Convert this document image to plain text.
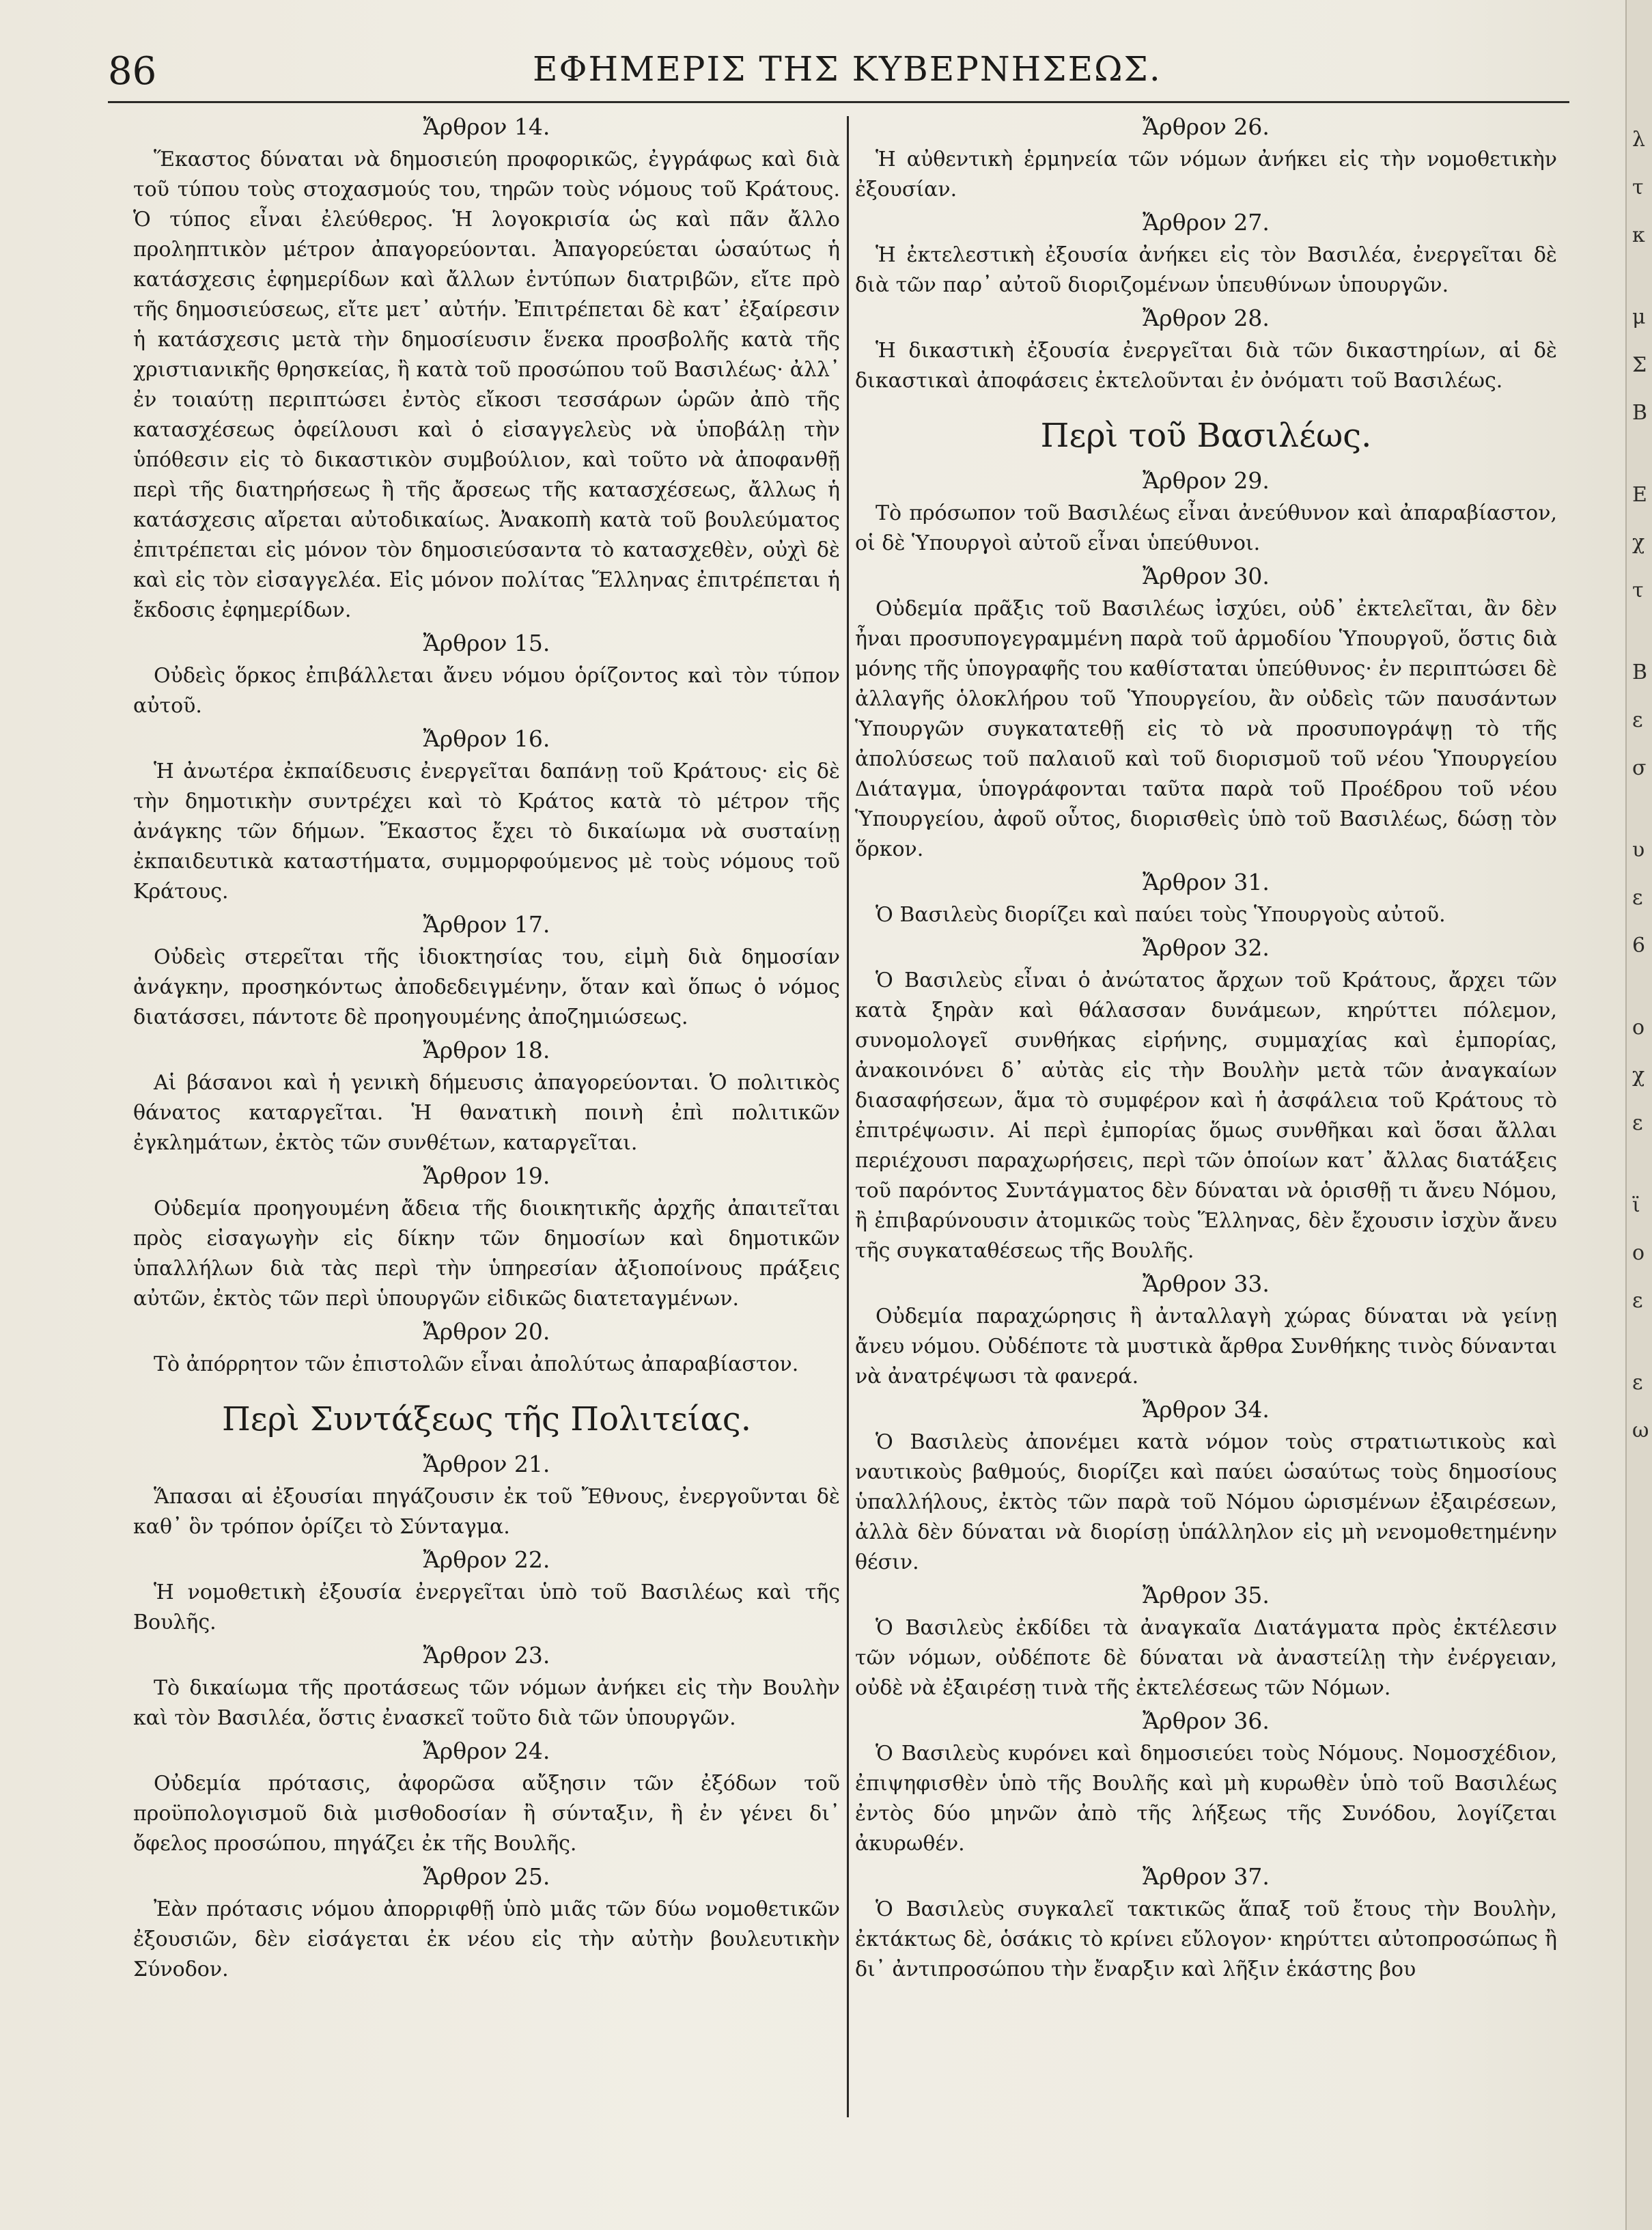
86	ΕΦΗΜΕΡΙΣ ΤΗΣ ΚΥΒΕΡΝΗΣΕΩΣ.
Ἄρθρον 14.
Ἕκαστος δύναται νὰ δημοσιεύη προφορικῶς, ἐγγράφως καὶ διὰ τοῦ τύπου τοὺς στοχασμούς του, τηρῶν τοὺς νόμους τοῦ Κράτους. Ὁ τύπος εἶναι ἐλεύθερος. Ἡ λογοκρισία ὡς καὶ πᾶν ἄλλο προληπτικὸν μέτρον ἀπαγορεύονται. Ἀπαγορεύεται ὡσαύτως ἡ κατάσχεσις ἐφημερίδων καὶ ἄλλων ἐντύπων διατριβῶν, εἴτε πρὸ τῆς δημοσιεύσεως, εἴτε μετ᾽ αὐτήν. Ἐπιτρέπεται δὲ κατ᾽ ἐξαίρεσιν ἡ κατάσχεσις μετὰ τὴν δημοσίευσιν ἕνεκα προσβολῆς κατὰ τῆς χριστιανικῆς θρησκείας, ἢ κατὰ τοῦ προσώπου τοῦ Βασιλέως· ἀλλ᾽ ἐν τοιαύτῃ περιπτώσει ἐντὸς εἴκοσι τεσσάρων ὡρῶν ἀπὸ τῆς κατασχέσεως ὀφείλουσι καὶ ὁ εἰσαγγελεὺς νὰ ὑποβάλῃ τὴν ὑπόθεσιν εἰς τὸ δικαστικὸν συμβούλιον, καὶ τοῦτο νὰ ἀποφανθῇ περὶ τῆς διατηρήσεως ἢ τῆς ἄρσεως τῆς κατασχέσεως, ἄλλως ἡ κατάσχεσις αἴρεται αὐτοδικαίως. Ἀνακοπὴ κατὰ τοῦ βουλεύματος ἐπιτρέπεται εἰς μόνον τὸν δημοσιεύσαντα τὸ κατασχεθὲν, οὐχὶ δὲ καὶ εἰς τὸν εἰσαγγελέα. Εἰς μόνον πολίτας Ἕλληνας ἐπιτρέπεται ἡ ἔκδοσις ἐφημερίδων.
Ἄρθρον 15.
Οὐδεὶς ὅρκος ἐπιβάλλεται ἄνευ νόμου ὁρίζοντος καὶ τὸν τύπον αὐτοῦ.
Ἄρθρον 16.
Ἡ ἀνωτέρα ἐκπαίδευσις ἐνεργεῖται δαπάνῃ τοῦ Κράτους· εἰς δὲ τὴν δημοτικὴν συντρέχει καὶ τὸ Κράτος κατὰ τὸ μέτρον τῆς ἀνάγκης τῶν δήμων. Ἕκαστος ἔχει τὸ δικαίωμα νὰ συσταίνῃ ἐκπαιδευτικὰ καταστήματα, συμμορφούμενος μὲ τοὺς νόμους τοῦ Κράτους.
Ἄρθρον 17.
Οὐδεὶς στερεῖται τῆς ἰδιοκτησίας του, εἰμὴ διὰ δημοσίαν ἀνάγκην, προσηκόντως ἀποδεδειγμένην, ὅταν καὶ ὅπως ὁ νόμος διατάσσει, πάντοτε δὲ προηγουμένης ἀποζημιώσεως.
Ἄρθρον 18.
Αἱ βάσανοι καὶ ἡ γενικὴ δήμευσις ἀπαγορεύονται. Ὁ πολιτικὸς θάνατος καταργεῖται. Ἡ θανατικὴ ποινὴ ἐπὶ πολιτικῶν ἐγκλημάτων, ἐκτὸς τῶν συνθέτων, καταργεῖται.
Ἄρθρον 19.
Οὐδεμία προηγουμένη ἄδεια τῆς διοικητικῆς ἀρχῆς ἀπαιτεῖται πρὸς εἰσαγωγὴν εἰς δίκην τῶν δημοσίων καὶ δημοτικῶν ὑπαλλήλων διὰ τὰς περὶ τὴν ὑπηρεσίαν ἀξιοποίνους πράξεις αὐτῶν, ἐκτὸς τῶν περὶ ὑπουργῶν εἰδικῶς διατεταγμένων.
Ἄρθρον 20.
Τὸ ἀπόρρητον τῶν ἐπιστολῶν εἶναι ἀπολύτως ἀπαραβίαστον.
Περὶ Συντάξεως τῆς Πολιτείας.
Ἄρθρον 21.
Ἅπασαι αἱ ἐξουσίαι πηγάζουσιν ἐκ τοῦ Ἔθνους, ἐνεργοῦνται δὲ καθ᾽ ὃν τρόπον ὁρίζει τὸ Σύνταγμα.
Ἄρθρον 22.
Ἡ νομοθετικὴ ἐξουσία ἐνεργεῖται ὑπὸ τοῦ Βασιλέως καὶ τῆς Βουλῆς.
Ἄρθρον 23.
Τὸ δικαίωμα τῆς προτάσεως τῶν νόμων ἀνήκει εἰς τὴν Βουλὴν καὶ τὸν Βασιλέα, ὅστις ἐνασκεῖ τοῦτο διὰ τῶν ὑπουργῶν.
Ἄρθρον 24.
Οὐδεμία πρότασις, ἀφορῶσα αὔξησιν τῶν ἐξόδων τοῦ προϋπολογισμοῦ διὰ μισθοδοσίαν ἢ σύνταξιν, ἢ ἐν γένει δι᾽ ὄφελος προσώπου, πηγάζει ἐκ τῆς Βουλῆς.
Ἄρθρον 25.
Ἐὰν πρότασις νόμου ἀπορριφθῇ ὑπὸ μιᾶς τῶν δύω νομοθετικῶν ἐξουσιῶν, δὲν εἰσάγεται ἐκ νέου εἰς τὴν αὐτὴν βουλευτικὴν Σύνοδον.
Ἄρθρον 26.
Ἡ αὐθεντικὴ ἑρμηνεία τῶν νόμων ἀνήκει εἰς τὴν νομοθετικὴν ἐξουσίαν.
Ἄρθρον 27.
Ἡ ἐκτελεστικὴ ἐξουσία ἀνήκει εἰς τὸν Βασιλέα, ἐνεργεῖται δὲ διὰ τῶν παρ᾽ αὐτοῦ διοριζομένων ὑπευθύνων ὑπουργῶν.
Ἄρθρον 28.
Ἡ δικαστικὴ ἐξουσία ἐνεργεῖται διὰ τῶν δικαστηρίων, αἱ δὲ δικαστικαὶ ἀποφάσεις ἐκτελοῦνται ἐν ὀνόματι τοῦ Βασιλέως.
Περὶ τοῦ Βασιλέως.
Ἄρθρον 29.
Τὸ πρόσωπον τοῦ Βασιλέως εἶναι ἀνεύθυνον καὶ ἀπαραβίαστον, οἱ δὲ Ὑπουργοὶ αὐτοῦ εἶναι ὑπεύθυνοι.
Ἄρθρον 30.
Οὐδεμία πρᾶξις τοῦ Βασιλέως ἰσχύει, οὐδ᾽ ἐκτελεῖται, ἂν δὲν ἦναι προσυπογεγραμμένη παρὰ τοῦ ἁρμοδίου Ὑπουργοῦ, ὅστις διὰ μόνης τῆς ὑπογραφῆς του καθίσταται ὑπεύθυνος· ἐν περιπτώσει δὲ ἀλλαγῆς ὁλοκλήρου τοῦ Ὑπουργείου, ἂν οὐδεὶς τῶν παυσάντων Ὑπουργῶν συγκατατεθῇ εἰς τὸ νὰ προσυπογράψῃ τὸ τῆς ἀπολύσεως τοῦ παλαιοῦ καὶ τοῦ διορισμοῦ τοῦ νέου Ὑπουργείου Διάταγμα, ὑπογράφονται ταῦτα παρὰ τοῦ Προέδρου τοῦ νέου Ὑπουργείου, ἀφοῦ οὗτος, διορισθεὶς ὑπὸ τοῦ Βασιλέως, δώσῃ τὸν ὅρκον.
Ἄρθρον 31.
Ὁ Βασιλεὺς διορίζει καὶ παύει τοὺς Ὑπουργοὺς αὐτοῦ.
Ἄρθρον 32.
Ὁ Βασιλεὺς εἶναι ὁ ἀνώτατος ἄρχων τοῦ Κράτους, ἄρχει τῶν κατὰ ξηρὰν καὶ θάλασσαν δυνάμεων, κηρύττει πόλεμον, συνομολογεῖ συνθήκας εἰρήνης, συμμαχίας καὶ ἐμπορίας, ἀνακοινόνει δ᾽ αὐτὰς εἰς τὴν Βουλὴν μετὰ τῶν ἀναγκαίων διασαφήσεων, ἅμα τὸ συμφέρον καὶ ἡ ἀσφάλεια τοῦ Κράτους τὸ ἐπιτρέψωσιν. Αἱ περὶ ἐμπορίας ὅμως συνθῆκαι καὶ ὅσαι ἄλλαι περιέχουσι παραχωρήσεις, περὶ τῶν ὁποίων κατ᾽ ἄλλας διατάξεις τοῦ παρόντος Συντάγματος δὲν δύναται νὰ ὁρισθῇ τι ἄνευ Νόμου, ἢ ἐπιβαρύνουσιν ἀτομικῶς τοὺς Ἕλληνας, δὲν ἔχουσιν ἰσχὺν ἄνευ τῆς συγκαταθέσεως τῆς Βουλῆς.
Ἄρθρον 33.
Οὐδεμία παραχώρησις ἢ ἀνταλλαγὴ χώρας δύναται νὰ γείνῃ ἄνευ νόμου. Οὐδέποτε τὰ μυστικὰ ἄρθρα Συνθήκης τινὸς δύνανται νὰ ἀνατρέψωσι τὰ φανερά.
Ἄρθρον 34.
Ὁ Βασιλεὺς ἀπονέμει κατὰ νόμον τοὺς στρατιωτικοὺς καὶ ναυτικοὺς βαθμούς, διορίζει καὶ παύει ὡσαύτως τοὺς δημοσίους ὑπαλλήλους, ἐκτὸς τῶν παρὰ τοῦ Νόμου ὡρισμένων ἐξαιρέσεων, ἀλλὰ δὲν δύναται νὰ διορίσῃ ὑπάλληλον εἰς μὴ νενομοθετημένην θέσιν.
Ἄρθρον 35.
Ὁ Βασιλεὺς ἐκδίδει τὰ ἀναγκαῖα Διατάγματα πρὸς ἐκτέλεσιν τῶν νόμων, οὐδέποτε δὲ δύναται νὰ ἀναστείλῃ τὴν ἐνέργειαν, οὐδὲ νὰ ἐξαιρέσῃ τινὰ τῆς ἐκτελέσεως τῶν Νόμων.
Ἄρθρον 36.
Ὁ Βασιλεὺς κυρόνει καὶ δημοσιεύει τοὺς Νόμους. Νομοσχέδιον, ἐπιψηφισθὲν ὑπὸ τῆς Βουλῆς καὶ μὴ κυρωθὲν ὑπὸ τοῦ Βασιλέως ἐντὸς δύο μηνῶν ἀπὸ τῆς λήξεως τῆς Συνόδου, λογίζεται ἀκυρωθέν.
Ἄρθρον 37.
Ὁ Βασιλεὺς συγκαλεῖ τακτικῶς ἅπαξ τοῦ ἔτους τὴν Βουλὴν, ἐκτάκτως δὲ, ὁσάκις τὸ κρίνει εὔλογον· κηρύττει αὐτοπροσώπως ἢ δι᾽ ἀντιπροσώπου τὴν ἔναρξιν καὶ λῆξιν ἑκάστης βου
λ
τ
κ
μ
Σ
Β
Ε
χ
τ
Β
ε
σ
υ
ε
6
ο
χ
ε
ϊ
ο
ε
ε
ω
